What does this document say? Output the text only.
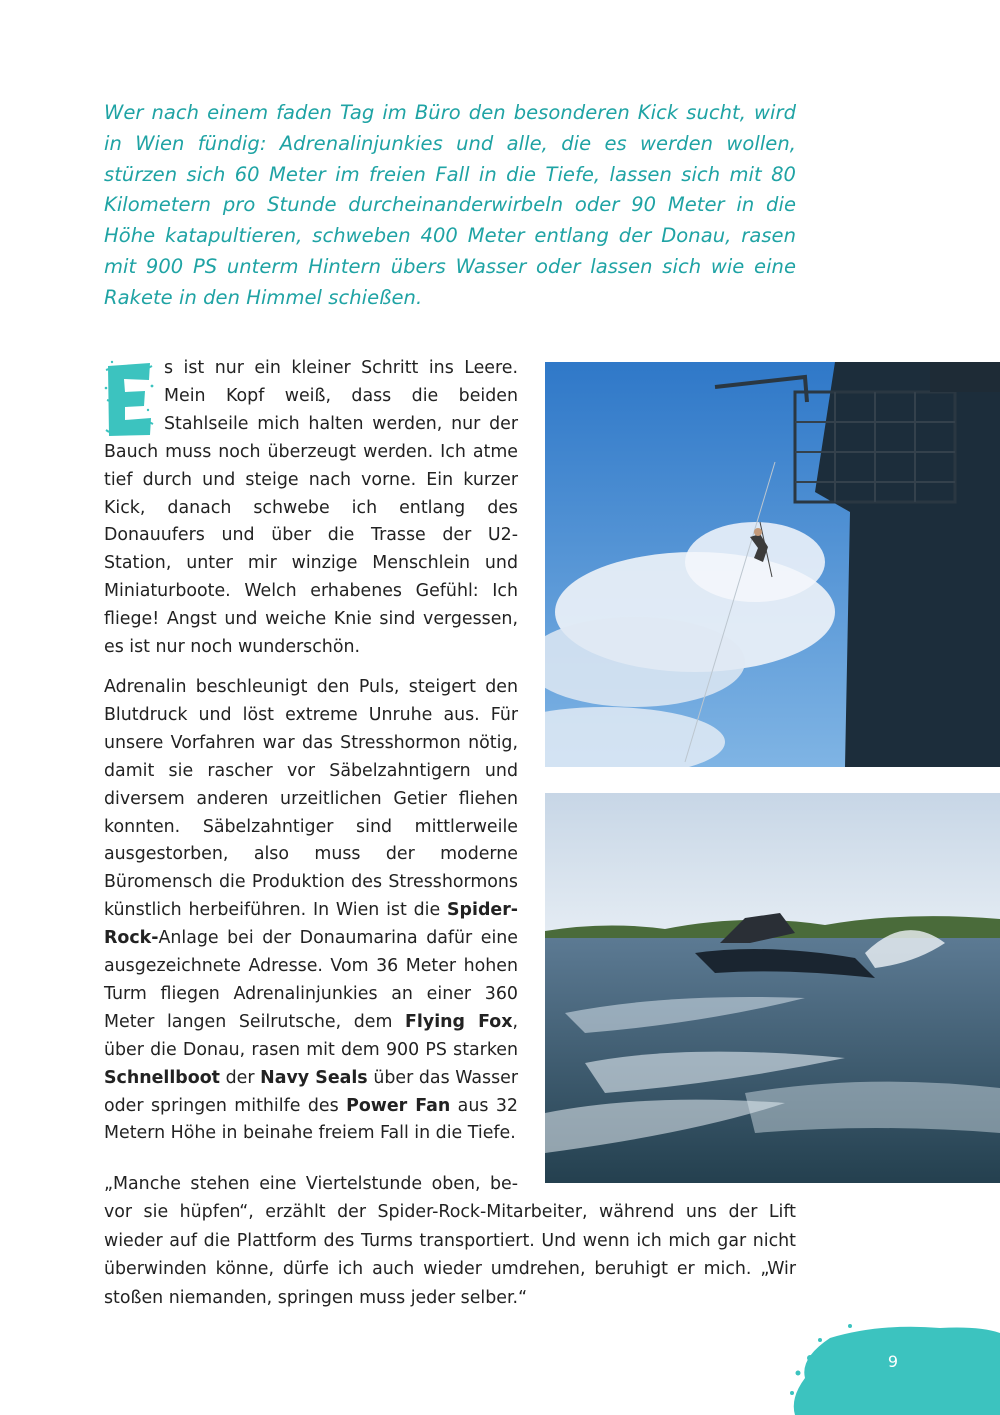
Wer nach einem faden Tag im Büro den besonderen Kick sucht, wird in Wien fündig: Adrenalinjunkies und alle, die es werden wollen, stürzen sich 60 Meter im freien Fall in die Tiefe, lassen sich mit 80 Kilometern pro Stunde durcheinanderwirbeln oder 90 Meter in die Höhe katapultieren, schweben 400 Meter entlang der Donau, rasen mit 900 PS unterm Hintern übers Wasser oder lassen sich wie eine Rakete in den Himmel schießen.

s ist nur ein kleiner Schritt ins Leere. Mein Kopf weiß, dass die beiden Stahlseile mich halten werden, nur der Bauch muss noch überzeugt werden. Ich atme tief durch und steige nach vorne. Ein kurzer Kick, danach schwebe ich entlang des Donauufers und über die Trasse der U2-Station, unter mir winzige Menschlein und Miniaturboote. Welch erhabenes Gefühl: Ich fliege! Angst und weiche Knie sind vergessen, es ist nur noch wunderschön.

Adrenalin beschleunigt den Puls, steigert den Blutdruck und löst extreme Unruhe aus. Für unsere Vorfahren war das Stresshormon nötig, damit sie rascher vor Säbelzahntigern und diversem anderen urzeitlichen Getier fliehen konnten. Säbelzahntiger sind mittlerweile ausgestorben, also muss der moderne Büromensch die Produktion des Stresshormons künstlich herbeiführen. In Wien ist die Spider-Rock-Anlage bei der Donaumarina dafür eine ausgezeichnete Adresse. Vom 36 Meter hohen Turm fliegen Adrenalinjunkies an einer 360 Meter langen Seilrutsche, dem Flying Fox, über die Donau, rasen mit dem 900 PS starken Schnellboot der Navy Seals über das Wasser oder springen mithilfe des Power Fan aus 32 Metern Höhe in beinahe freiem Fall in die Tiefe.

„Manche stehen eine Viertelstunde oben, be-
vor sie hüpfen“, erzählt der Spider-Rock-Mitarbeiter, während uns der Lift wieder auf die Plattform des Turms transportiert. Und wenn ich mich gar nicht überwinden könne, dürfe ich auch wieder umdrehen, beruhigt er mich. „Wir stoßen niemanden, springen muss jeder selber.“
9
